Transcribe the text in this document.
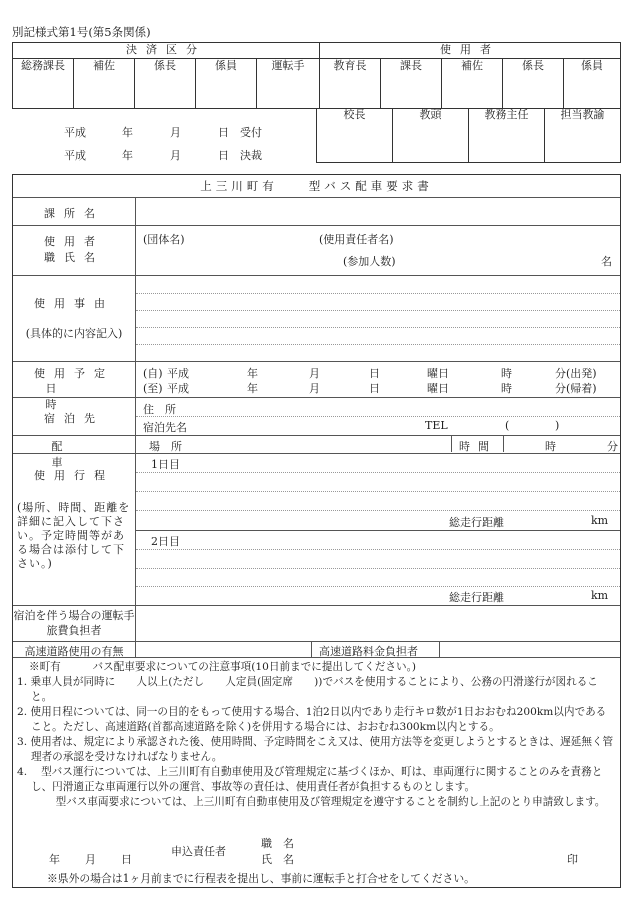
別記様式第1号(第5条関係)
決済区分					使用者				
総務課長	補佐	係長	係員	運転手	教育長	課長	補佐	係長	係員
平成	年	月	日 受付
平成	年	月	日 決裁
校長	教頭	教務主任	担当教諭
上三川町有　　型バス配車要求書
課所名
使用者
職氏名
(団体名)	(使用責任者名)
(参加人数)	名
使用事由
(具体的に内容記入)
使用予定
日時
(自) 平成	年	月	日	曜日	時	分(出発)
(至) 平成	年	月	日	曜日	時	分(帰着)
宿泊先
住　所
宿泊先名	TEL	(	)
配車
場　所	時間	時	分
使用行程
(場所、時間、距離を詳細に記入して下さい。予定時間等がある場合は添付して下さい。)
1日目
総走行距離	km
2日目
総走行距離	km
宿泊を伴う場合の運転手旅費負担者
高速道路使用の有無	高速道路料金負担者

※町有　　　バス配車要求についての注意事項(10日前までに提出してください。)

1. 乗車人員が同時に　　人以上(ただし　　人定員(固定席　　))でバスを使用することにより、公務の円滑遂行が図れること。

2. 使用日程については、同一の目的をもって使用する場合、1泊2日以内であり走行キロ数が1日おおむね200km以内であること。ただし、高速道路(首都高速道路を除く)を併用する場合には、おおむね300km以内とする。

3. 使用者は、規定により承認された後、使用時間、予定時間をこえ又は、使用方法等を変更しようとするときは、遅延無く管理者の承認を受けなければなりません。

4. 　型バス運行については、上三川町有自動車使用及び管理規定に基づくほか、町は、車両運行に関することのみを責務とし、円滑適正な車両運行以外の運営、事故等の責任は、使用責任者が負担するものとします。

　型バス車両要求については、上三川町有自動車使用及び管理規定を遵守することを制約し上記のとり申請致します。

年 月 日
申込責任者
職　名
氏　名	印
※県外の場合は1ヶ月前までに行程表を提出し、事前に運転手と打合せをしてください。
